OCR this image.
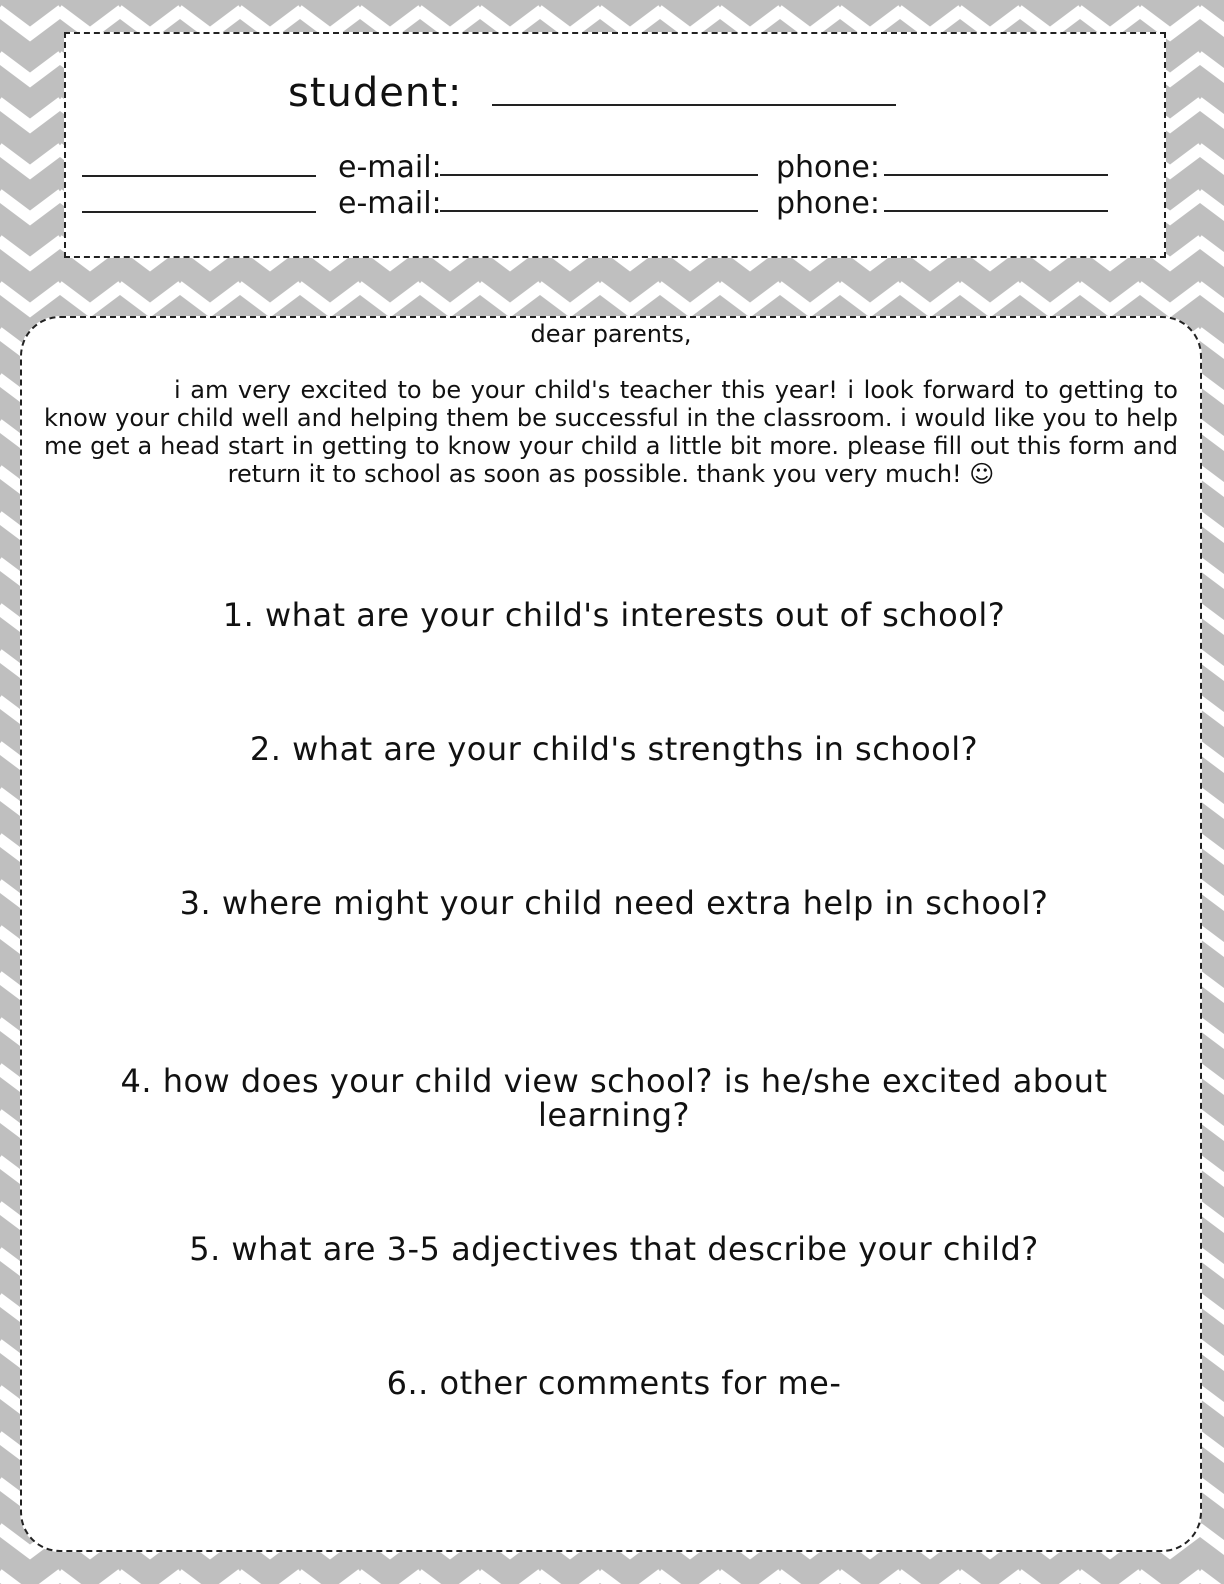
student:
e-mail:	phone:
e-mail:	phone:
dear parents,
i am very excited to be your child's teacher this year! i look forward to getting to know your child well and helping them be successful in the classroom. i would like you to help me get a head start in getting to know your child a little bit more. please fill out this form and return it to school as soon as possible. thank you very much! ☺
1. what are your child's interests out of school?
2. what are your child's strengths in school?
3. where might your child need extra help in school?
4. how does your child view school? is he/she excited about learning?
5. what are 3-5 adjectives that describe your child?
6.. other comments for me-
